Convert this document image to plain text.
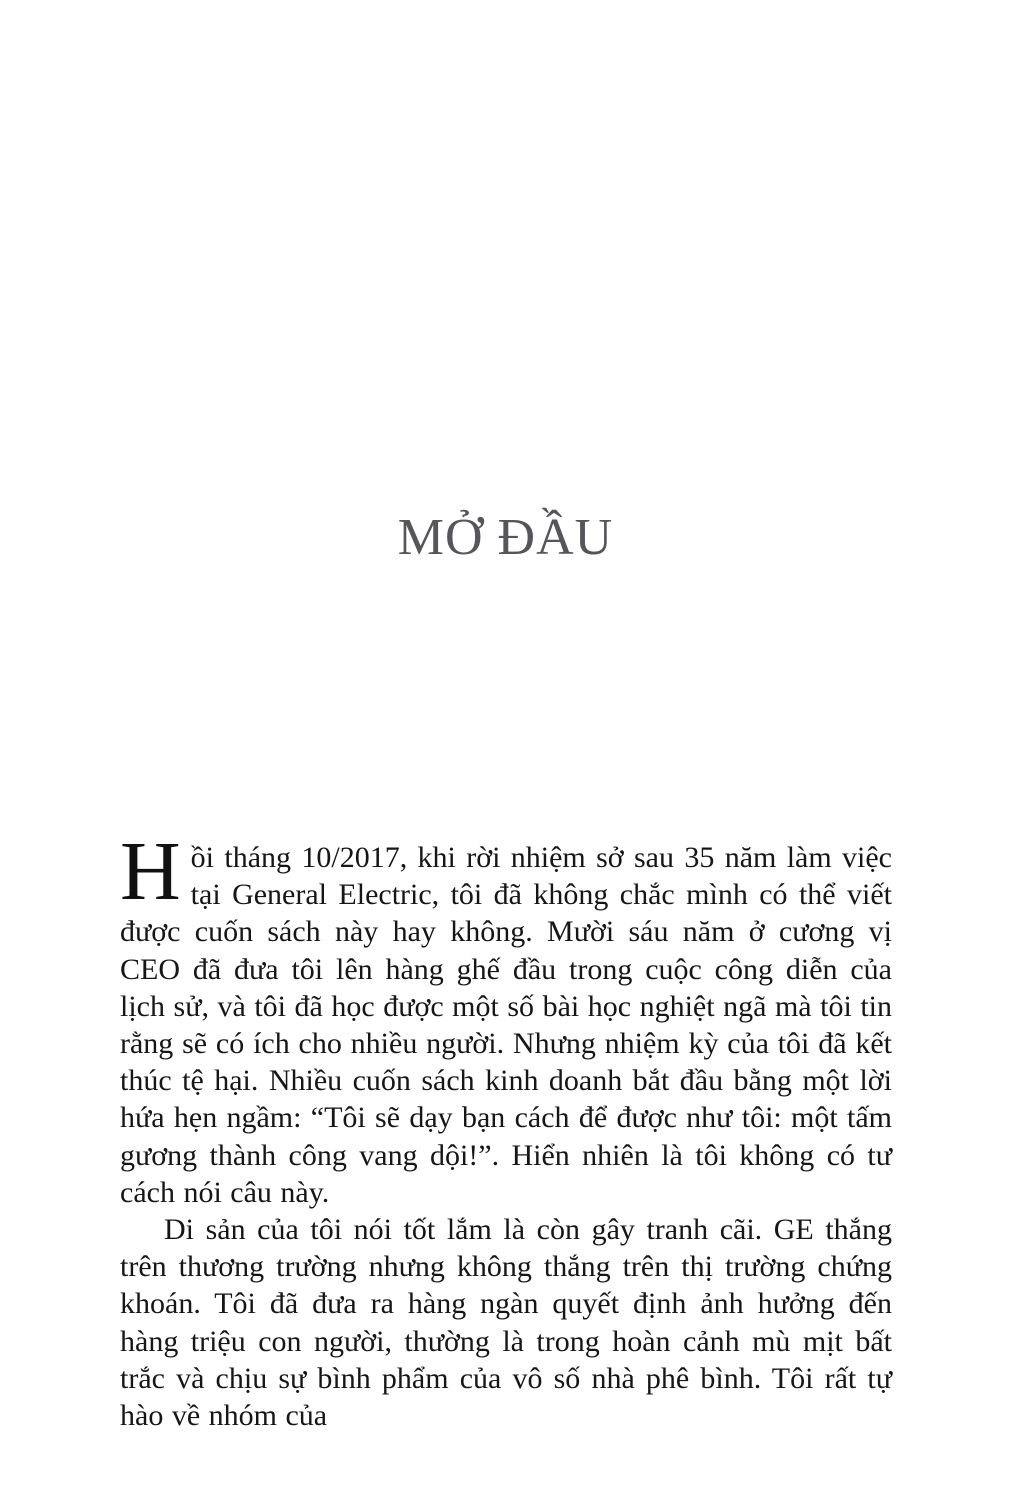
MỞ ĐẦU

Hồi tháng 10/2017, khi rời nhiệm sở sau 35 năm làm việc tại General Electric, tôi đã không chắc mình có thể viết được cuốn sách này hay không. Mười sáu năm ở cương vị CEO đã đưa tôi lên hàng ghế đầu trong cuộc công diễn của lịch sử, và tôi đã học được một số bài học nghiệt ngã mà tôi tin rằng sẽ có ích cho nhiều người. Nhưng nhiệm kỳ của tôi đã kết thúc tệ hại. Nhiều cuốn sách kinh doanh bắt đầu bằng một lời hứa hẹn ngầm: “Tôi sẽ dạy bạn cách để được như tôi: một tấm gương thành công vang dội!”. Hiển nhiên là tôi không có tư cách nói câu này.

Di sản của tôi nói tốt lắm là còn gây tranh cãi. GE thắng trên thương trường nhưng không thắng trên thị trường chứng khoán. Tôi đã đưa ra hàng ngàn quyết định ảnh hưởng đến hàng triệu con người, thường là trong hoàn cảnh mù mịt bất trắc và chịu sự bình phẩm của vô số nhà phê bình. Tôi rất tự hào về nhóm của
